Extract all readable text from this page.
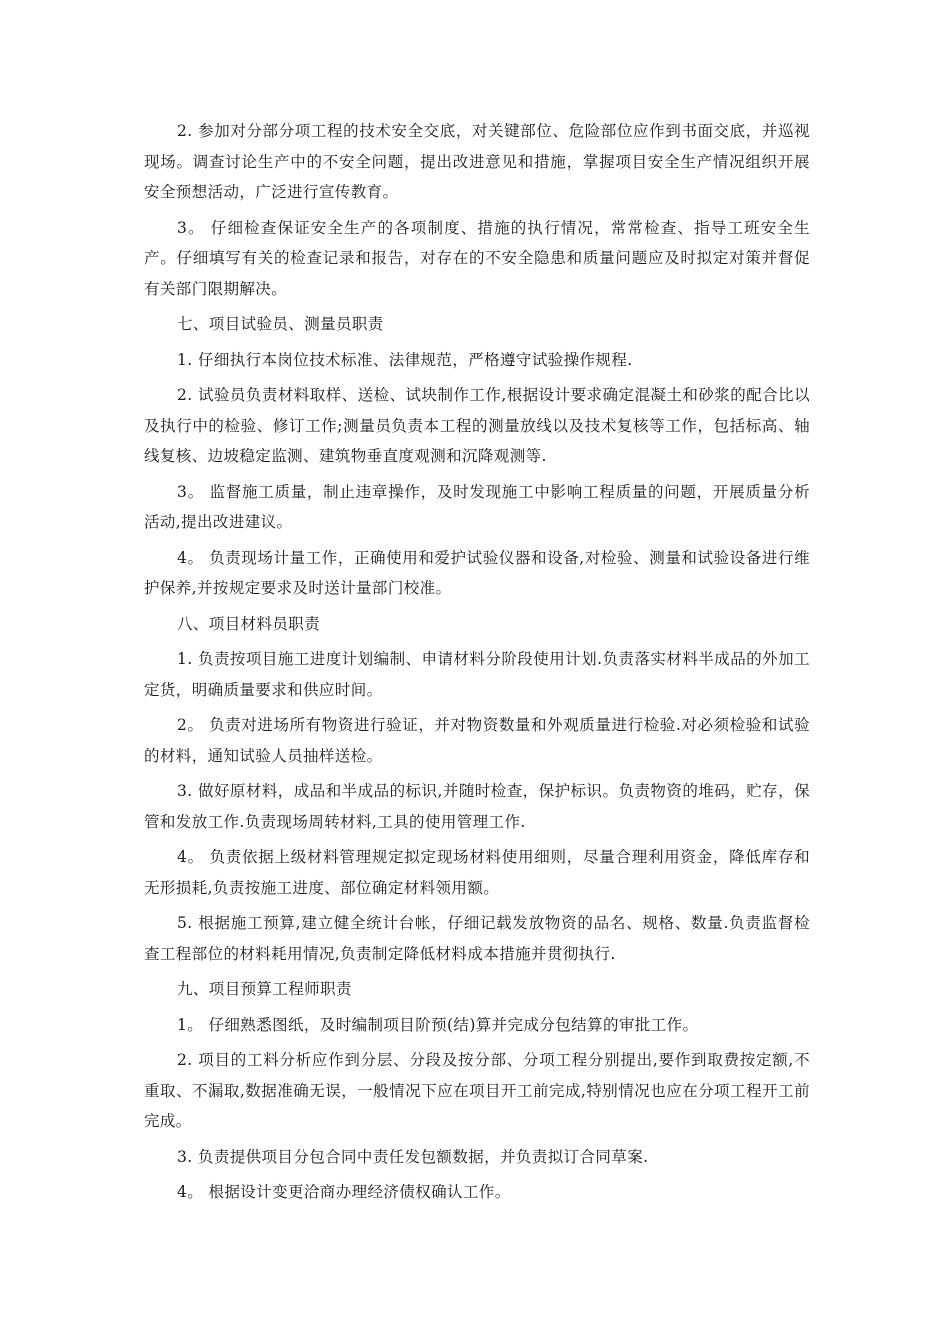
2. 参加对分部分项工程的技术安全交底，对关键部位、危险部位应作到书面交底，并巡视现场。调查讨论生产中的不安全问题，提出改进意见和措施，掌握项目安全生产情况组织开展安全预想活动，广泛进行宣传教育。

3。 仔细检查保证安全生产的各项制度、措施的执行情况，常常检查、指导工班安全生产。仔细填写有关的检查记录和报告，对存在的不安全隐患和质量问题应及时拟定对策并督促有关部门限期解决。

七、项目试验员、测量员职责

1. 仔细执行本岗位技术标准、法律规范，严格遵守试验操作规程.

2. 试验员负责材料取样、送检、试块制作工作,根据设计要求确定混凝土和砂浆的配合比以及执行中的检验、修订工作;测量员负责本工程的测量放线以及技术复核等工作，包括标高、轴线复核、边坡稳定监测、建筑物垂直度观测和沉降观测等.

3。 监督施工质量，制止违章操作，及时发现施工中影响工程质量的问题，开展质量分析活动,提出改进建议。

4。 负责现场计量工作，正确使用和爱护试验仪器和设备,对检验、测量和试验设备进行维护保养,并按规定要求及时送计量部门校准。

八、项目材料员职责

1. 负责按项目施工进度计划编制、申请材料分阶段使用计划.负责落实材料半成品的外加工定货，明确质量要求和供应时间。

2。 负责对进场所有物资进行验证，并对物资数量和外观质量进行检验.对必须检验和试验的材料，通知试验人员抽样送检。

3. 做好原材料，成品和半成品的标识,并随时检查，保护标识。负责物资的堆码，贮存，保管和发放工作.负责现场周转材料,工具的使用管理工作.

4。 负责依据上级材料管理规定拟定现场材料使用细则，尽量合理利用资金，降低库存和无形损耗,负责按施工进度、部位确定材料领用额。

5. 根据施工预算,建立健全统计台帐，仔细记载发放物资的品名、规格、数量.负责监督检查工程部位的材料耗用情况,负责制定降低材料成本措施并贯彻执行.

九、项目预算工程师职责

1。 仔细熟悉图纸，及时编制项目阶预(结)算并完成分包结算的审批工作。

2. 项目的工料分析应作到分层、分段及按分部、分项工程分别提出,要作到取费按定额,不重取、不漏取,数据准确无误，一般情况下应在项目开工前完成,特别情况也应在分项工程开工前完成。

3. 负责提供项目分包合同中责任发包额数据，并负责拟订合同草案.

4。 根据设计变更洽商办理经济债权确认工作。
